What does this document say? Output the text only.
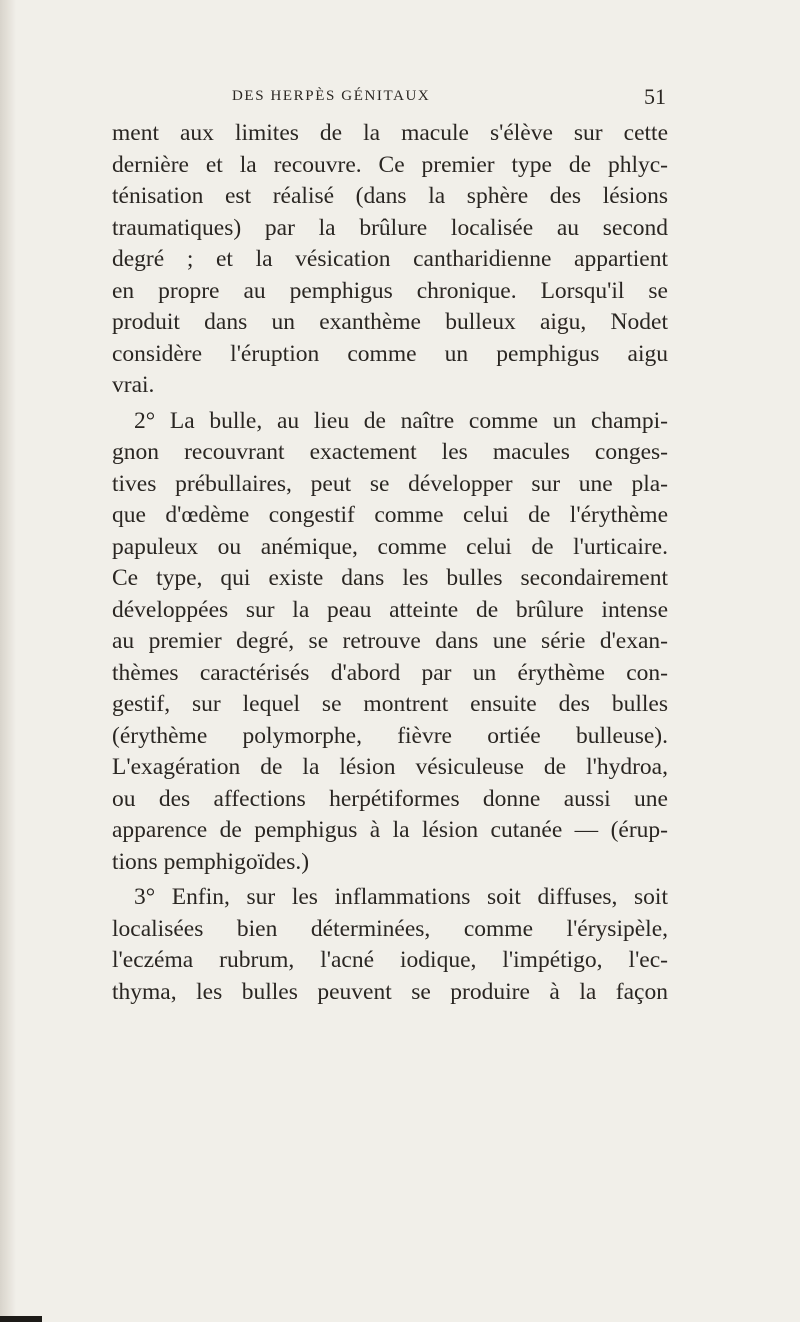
DES HERPÈS GÉNITAUX	51
ment aux limites de la macule s'élève sur cette
dernière et la recouvre. Ce premier type de phlyc-
ténisation est réalisé (dans la sphère des lésions
traumatiques) par la brûlure localisée au second
degré ; et la vésication cantharidienne appartient
en propre au pemphigus chronique. Lorsqu'il se
produit dans un exanthème bulleux aigu, Nodet
considère l'éruption comme un pemphigus aigu
vrai.
2° La bulle, au lieu de naître comme un champi-
gnon recouvrant exactement les macules conges-
tives prébullaires, peut se développer sur une pla-
que d'œdème congestif comme celui de l'érythème
papuleux ou anémique, comme celui de l'urticaire.
Ce type, qui existe dans les bulles secondairement
développées sur la peau atteinte de brûlure intense
au premier degré, se retrouve dans une série d'exan-
thèmes caractérisés d'abord par un érythème con-
gestif, sur lequel se montrent ensuite des bulles
(érythème polymorphe, fièvre ortiée bulleuse).
L'exagération de la lésion vésiculeuse de l'hydroa,
ou des affections herpétiformes donne aussi une
apparence de pemphigus à la lésion cutanée — (érup-
tions pemphigoïdes.)
3° Enfin, sur les inflammations soit diffuses, soit
localisées bien déterminées, comme l'érysipèle,
l'eczéma rubrum, l'acné iodique, l'impétigo, l'ec-
thyma, les bulles peuvent se produire à la façon
